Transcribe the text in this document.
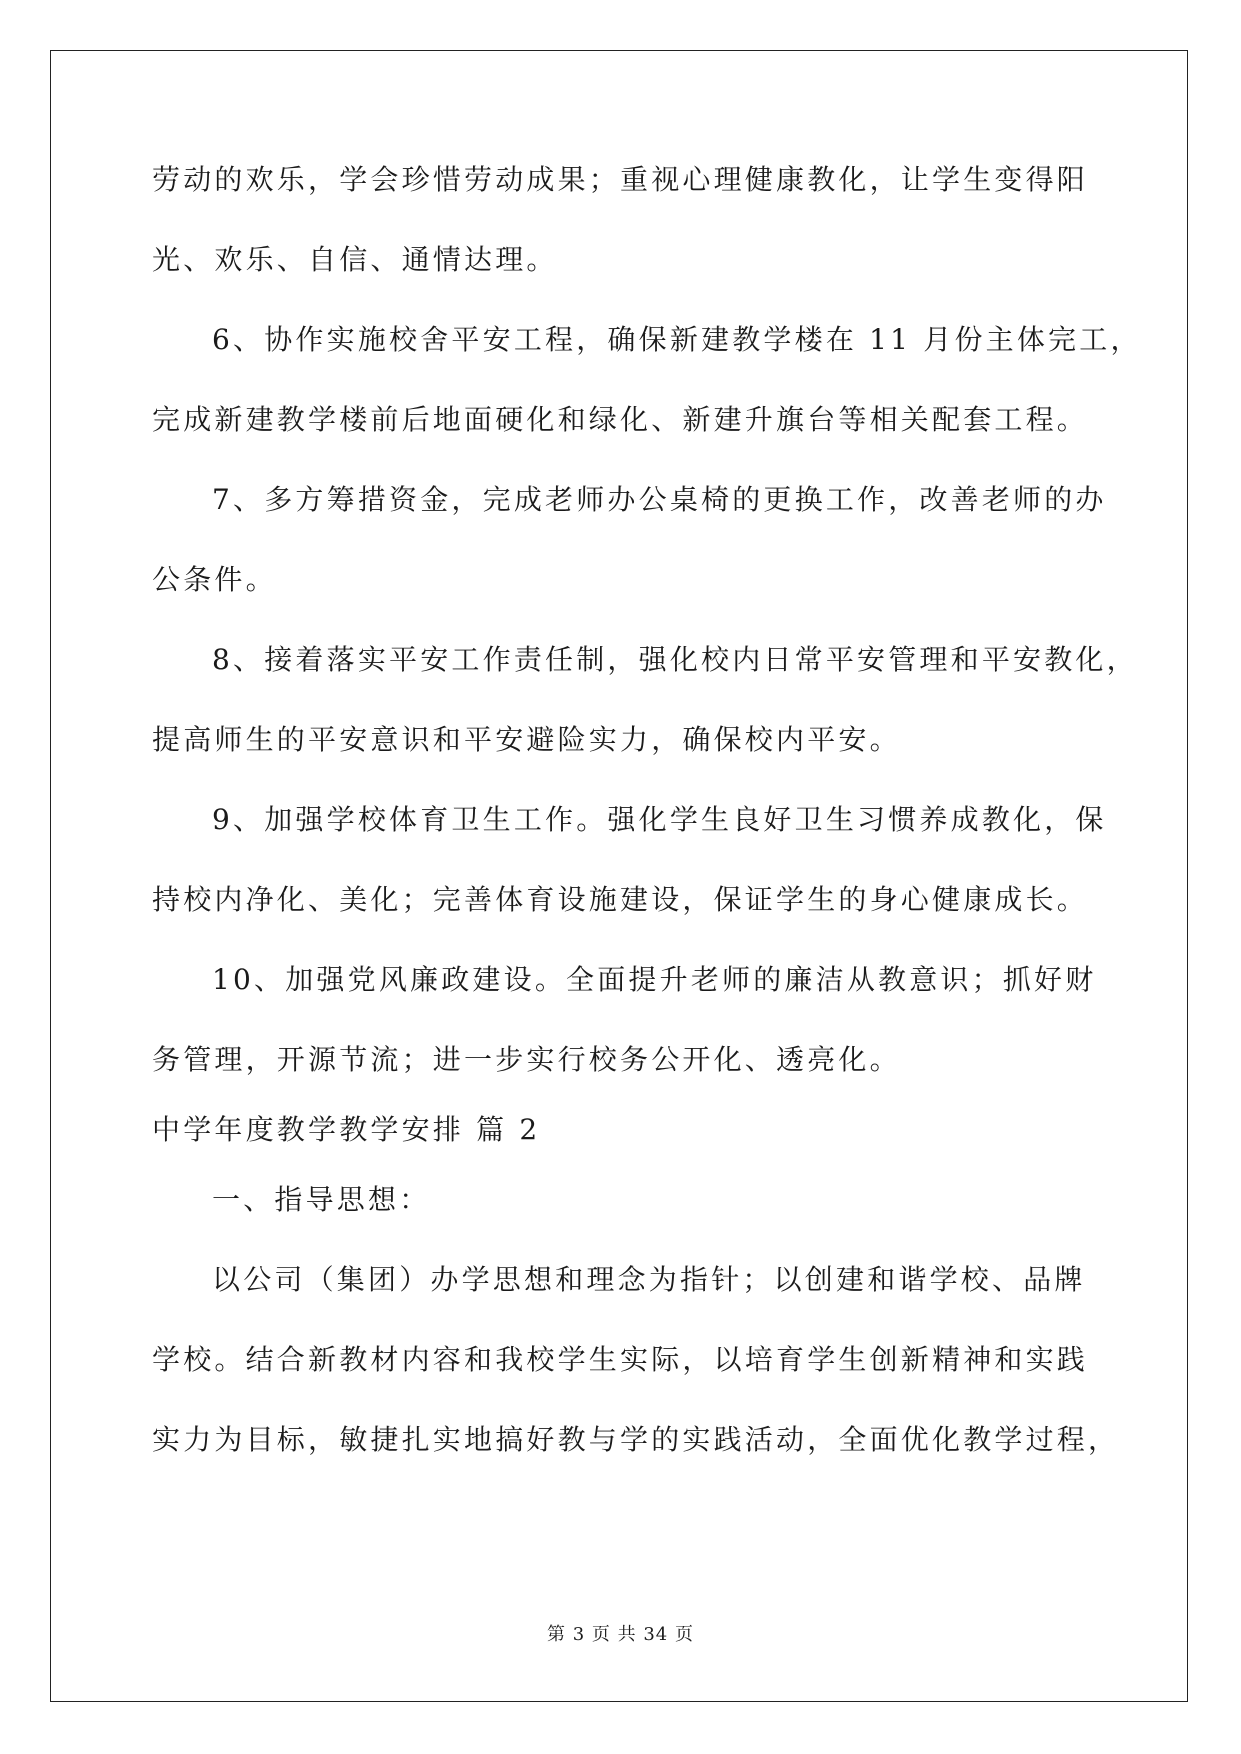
劳动的欢乐，学会珍惜劳动成果；重视心理健康教化，让学生变得阳
光、欢乐、自信、通情达理。
6、协作实施校舍平安工程，确保新建教学楼在 11 月份主体完工，
完成新建教学楼前后地面硬化和绿化、新建升旗台等相关配套工程。
7、多方筹措资金，完成老师办公桌椅的更换工作，改善老师的办
公条件。
8、接着落实平安工作责任制，强化校内日常平安管理和平安教化，
提高师生的平安意识和平安避险实力，确保校内平安。
9、加强学校体育卫生工作。强化学生良好卫生习惯养成教化，保
持校内净化、美化；完善体育设施建设，保证学生的身心健康成长。
10、加强党风廉政建设。全面提升老师的廉洁从教意识；抓好财
务管理，开源节流；进一步实行校务公开化、透亮化。
中学年度教学教学安排 篇 2
一、指导思想：
以公司（集团）办学思想和理念为指针；以创建和谐学校、品牌
学校。结合新教材内容和我校学生实际，以培育学生创新精神和实践
实力为目标，敏捷扎实地搞好教与学的实践活动，全面优化教学过程，
第 3 页 共 34 页
